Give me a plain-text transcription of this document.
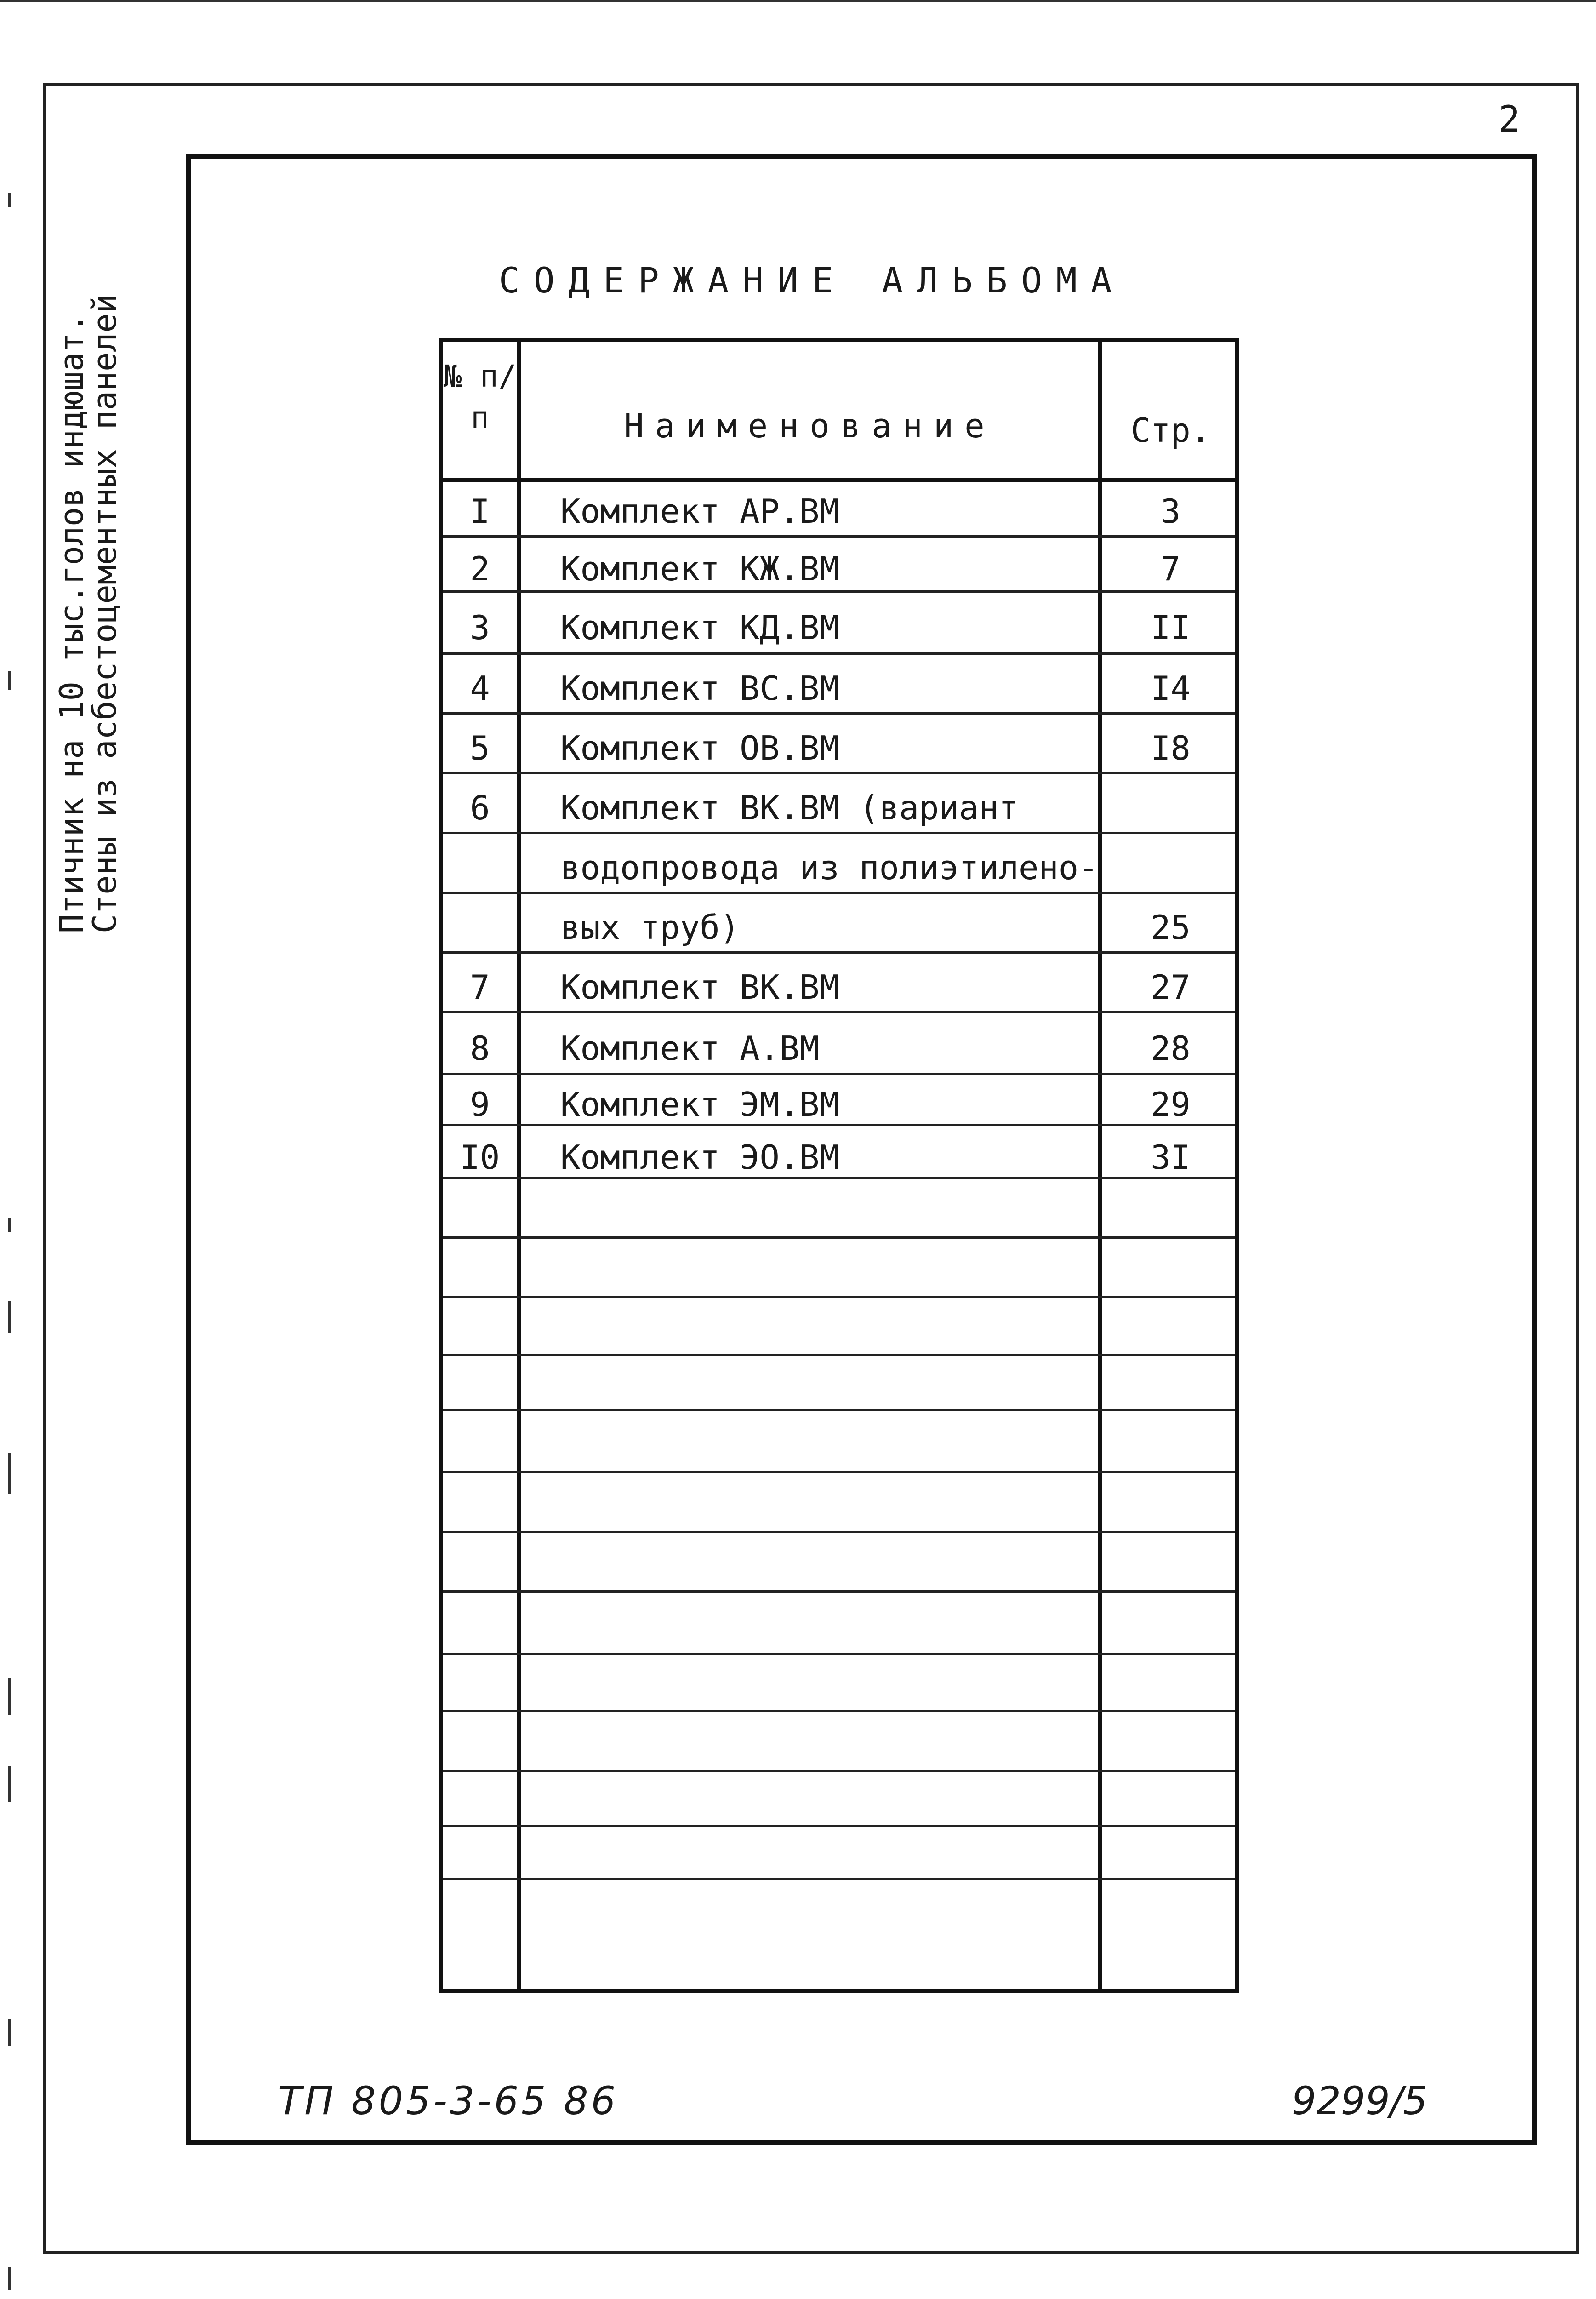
2
Птичник на 10 тыс.голов индюшат.
Стены из асбестоцементных панелей
СОДЕРЖАНИЕ АЛЬБОМА
№ п/п	Наименование	Стр.
I	Комплект АР.ВМ	3
2	Комплект КЖ.ВМ	7
3	Комплект КД.ВМ	II
4	Комплект ВС.ВМ	I4
5	Комплект ОВ.ВМ	I8
6	Комплект ВК.ВМ (вариант
водопровода из полиэтилено-
вых труб)	25
7	Комплект ВК.ВМ	27
8	Комплект А.ВМ	28
9	Комплект ЭМ.ВМ	29
I0	Комплект ЭО.ВМ	3I
ТП 805-3-65 86	9299/5
